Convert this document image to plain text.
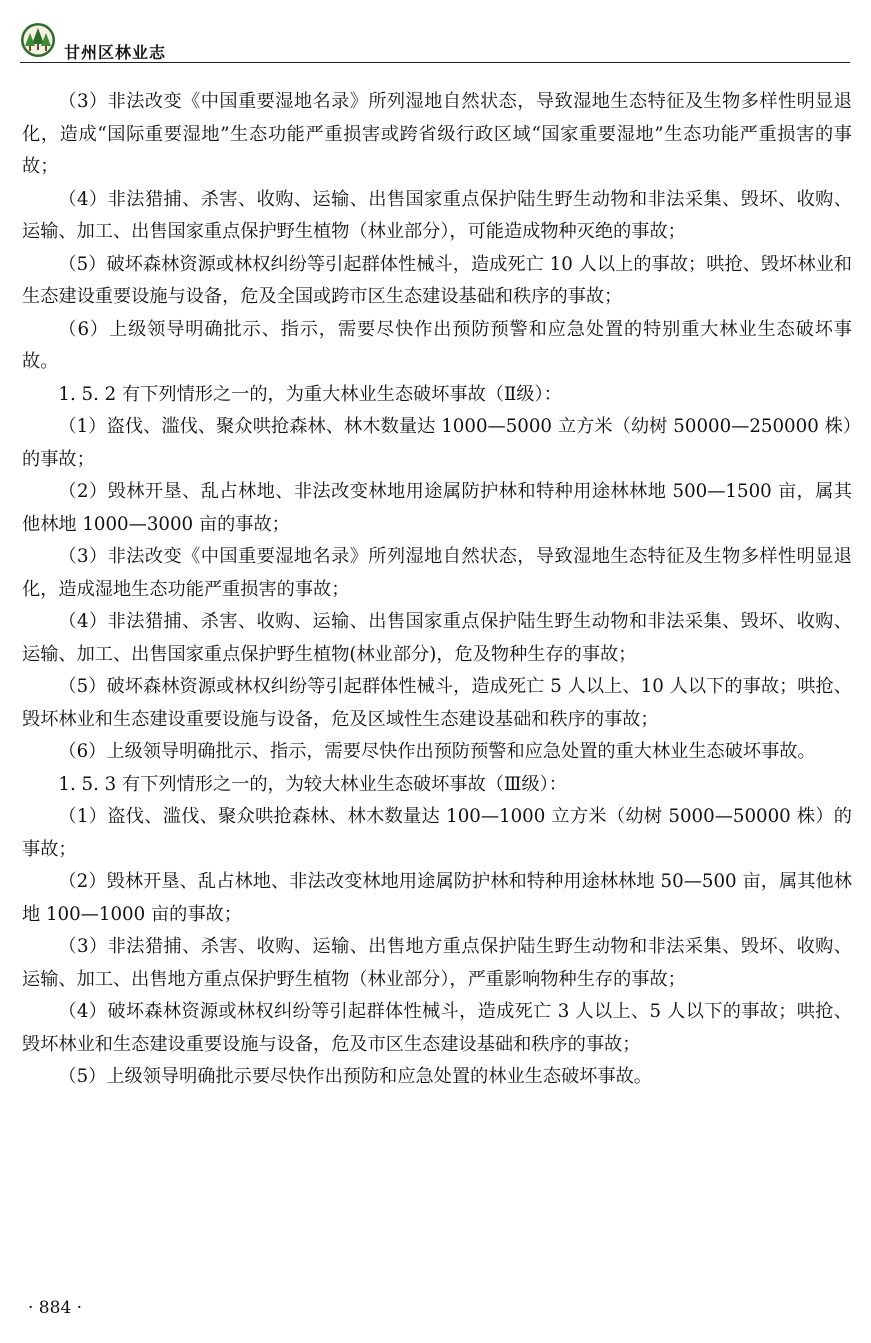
甘州区林业志

（3）非法改变《中国重要湿地名录》所列湿地自然状态，导致湿地生态特征及生物多样性明显退化，造成“国际重要湿地”生态功能严重损害或跨省级行政区域“国家重要湿地”生态功能严重损害的事故；

（4）非法猎捕、杀害、收购、运输、出售国家重点保护陆生野生动物和非法采集、毁坏、收购、运输、加工、出售国家重点保护野生植物（林业部分），可能造成物种灭绝的事故；

（5）破坏森林资源或林权纠纷等引起群体性械斗，造成死亡 10 人以上的事故；哄抢、毁坏林业和生态建设重要设施与设备，危及全国或跨市区生态建设基础和秩序的事故；

（6）上级领导明确批示、指示，需要尽快作出预防预警和应急处置的特别重大林业生态破坏事故。

1. 5. 2 有下列情形之一的，为重大林业生态破坏事故（Ⅱ级）：

（1）盗伐、滥伐、聚众哄抢森林、林木数量达 1000—5000 立方米（幼树 50000—250000 株）的事故；

（2）毁林开垦、乱占林地、非法改变林地用途属防护林和特种用途林林地 500—1500 亩，属其他林地 1000—3000 亩的事故；

（3）非法改变《中国重要湿地名录》所列湿地自然状态，导致湿地生态特征及生物多样性明显退化，造成湿地生态功能严重损害的事故；

（4）非法猎捕、杀害、收购、运输、出售国家重点保护陆生野生动物和非法采集、毁坏、收购、运输、加工、出售国家重点保护野生植物(林业部分)，危及物种生存的事故；

（5）破坏森林资源或林权纠纷等引起群体性械斗，造成死亡 5 人以上、10 人以下的事故；哄抢、毁坏林业和生态建设重要设施与设备，危及区域性生态建设基础和秩序的事故；

（6）上级领导明确批示、指示，需要尽快作出预防预警和应急处置的重大林业生态破坏事故。

1. 5. 3 有下列情形之一的，为较大林业生态破坏事故（Ⅲ级）：

（1）盗伐、滥伐、聚众哄抢森林、林木数量达 100—1000 立方米（幼树 5000—50000 株）的事故；

（2）毁林开垦、乱占林地、非法改变林地用途属防护林和特种用途林林地 50—500 亩，属其他林地 100—1000 亩的事故；

（3）非法猎捕、杀害、收购、运输、出售地方重点保护陆生野生动物和非法采集、毁坏、收购、运输、加工、出售地方重点保护野生植物（林业部分），严重影响物种生存的事故；

（4）破坏森林资源或林权纠纷等引起群体性械斗，造成死亡 3 人以上、5 人以下的事故；哄抢、毁坏林业和生态建设重要设施与设备，危及市区生态建设基础和秩序的事故；

（5）上级领导明确批示要尽快作出预防和应急处置的林业生态破坏事故。

· 884 ·
